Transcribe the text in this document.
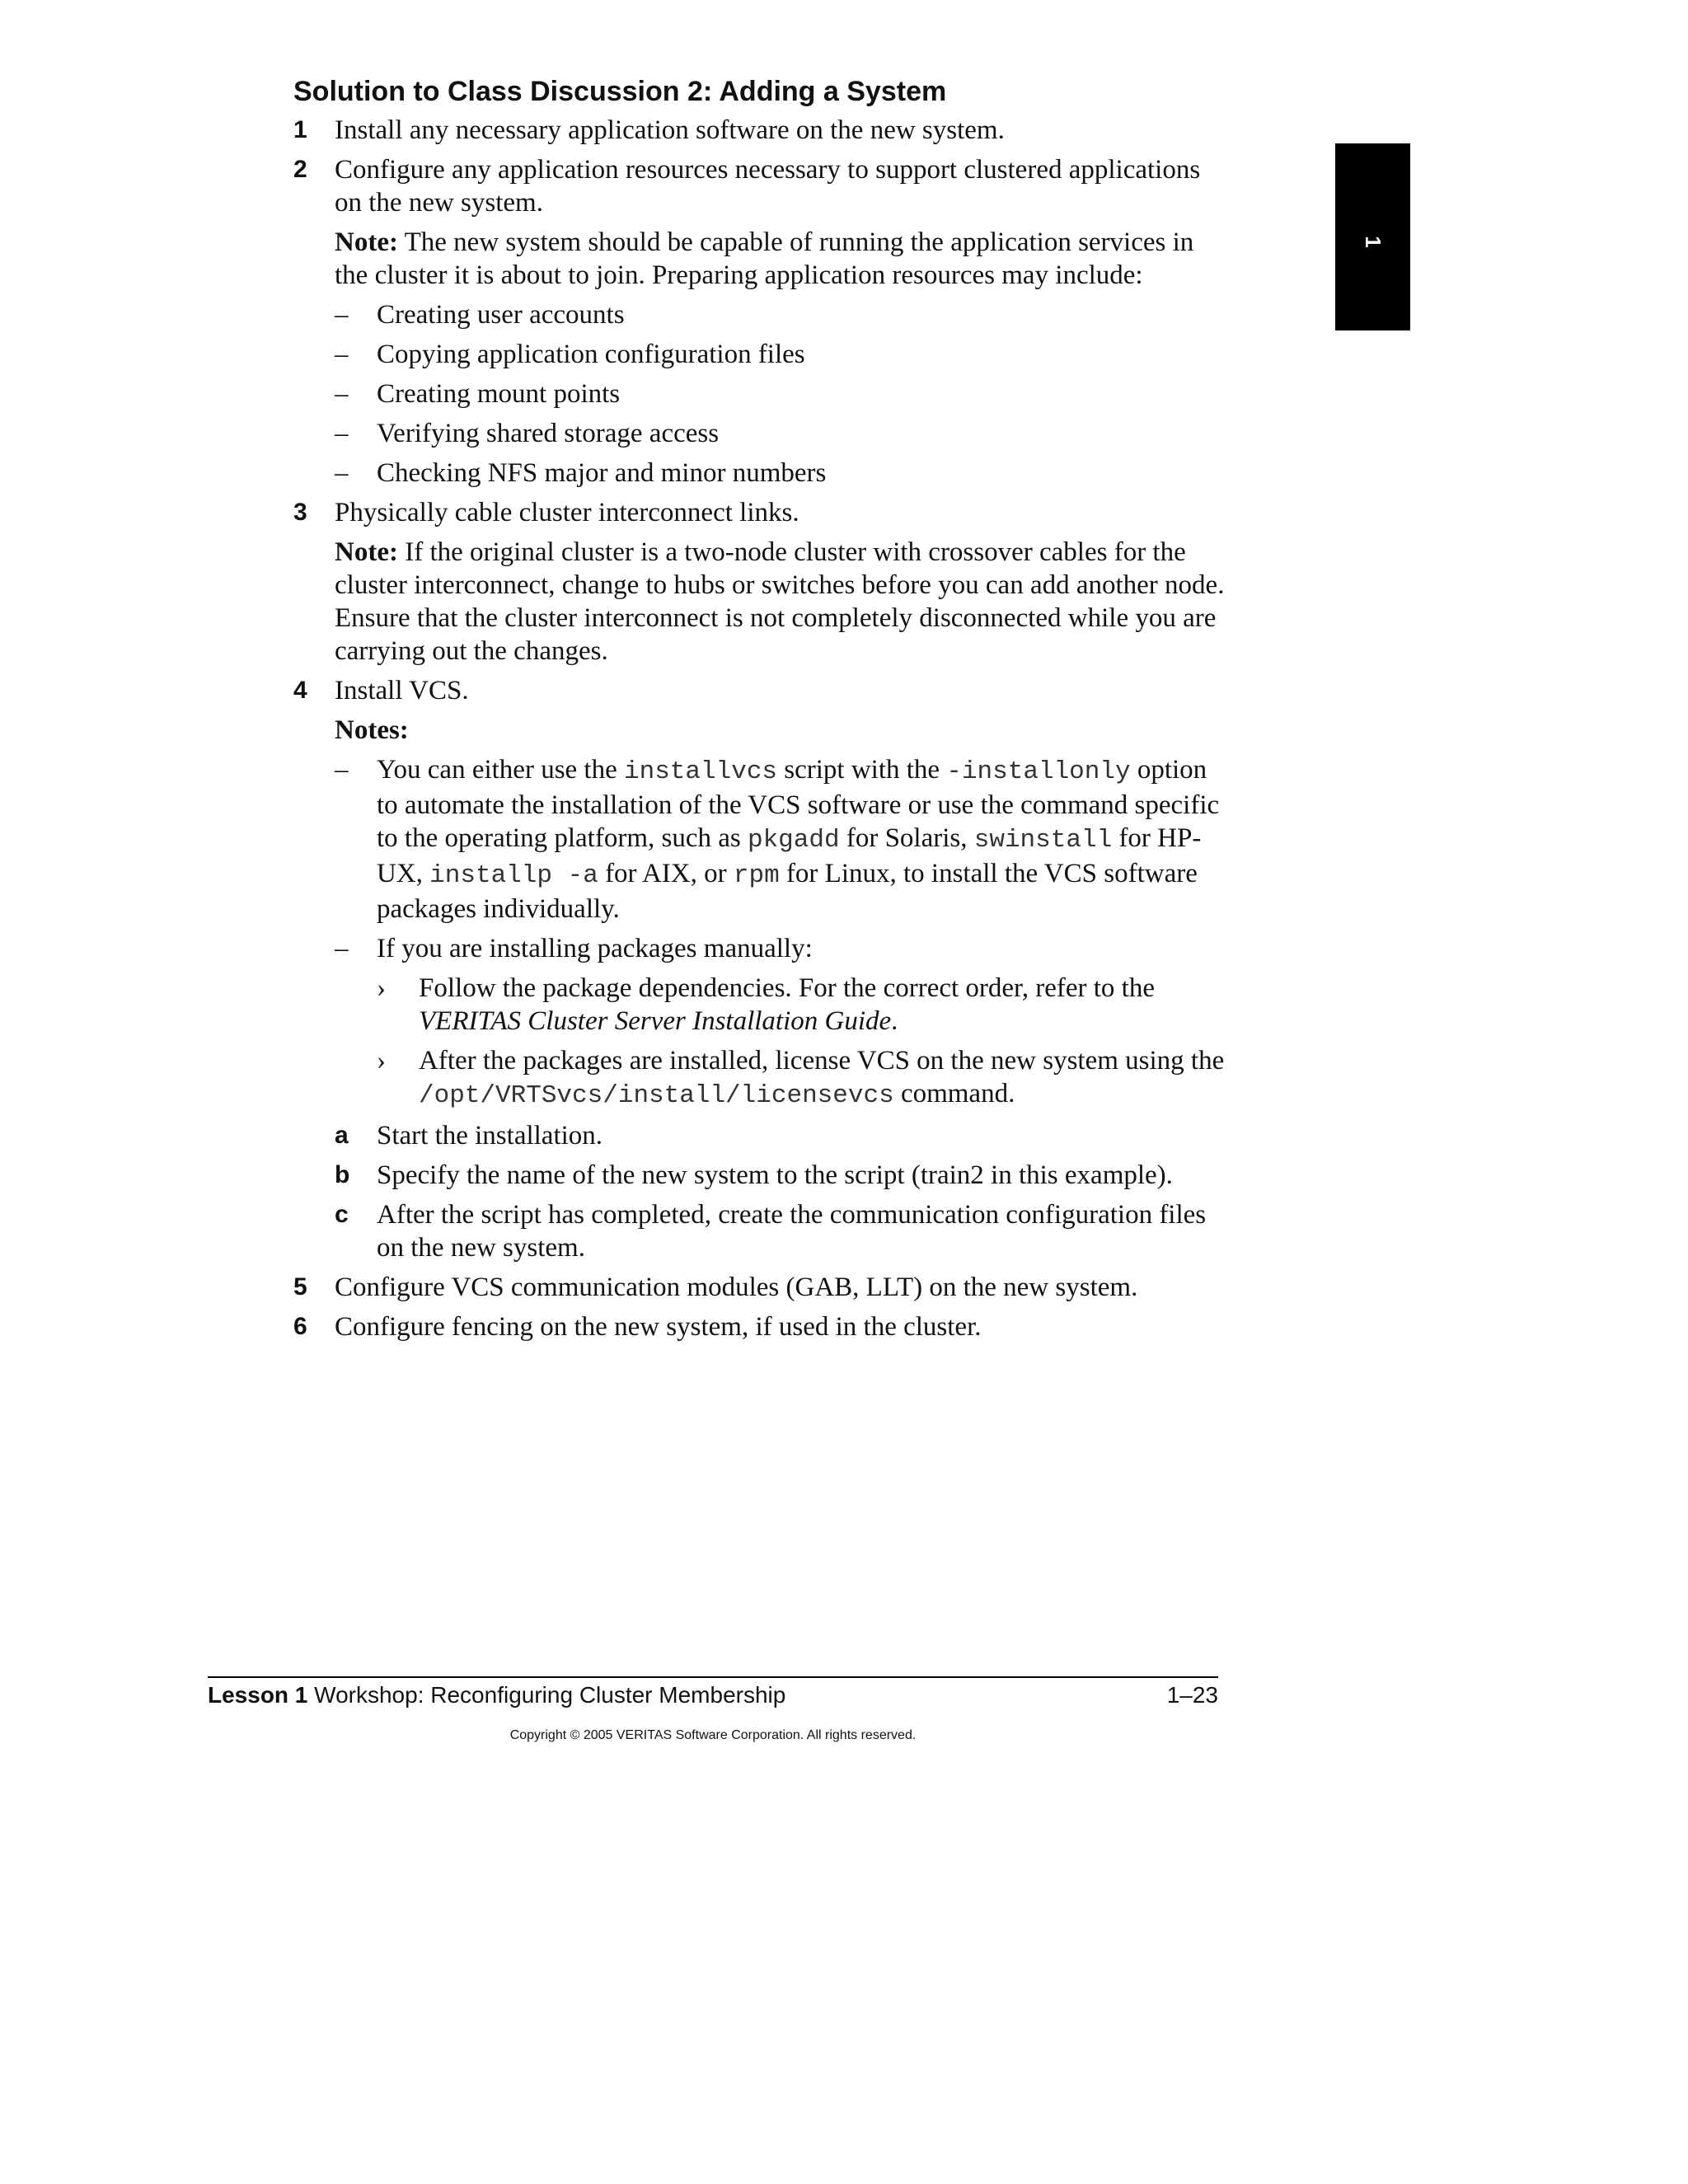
Solution to Class Discussion 2: Adding a System
1
1 Install any necessary application software on the new system.
2 Configure any application resources necessary to support clustered applications on the new system.
Note: The new system should be capable of running the application services in the cluster it is about to join. Preparing application resources may include:
– Creating user accounts
– Copying application configuration files
– Creating mount points
– Verifying shared storage access
– Checking NFS major and minor numbers
3 Physically cable cluster interconnect links.
Note: If the original cluster is a two-node cluster with crossover cables for the cluster interconnect, change to hubs or switches before you can add another node. Ensure that the cluster interconnect is not completely disconnected while you are carrying out the changes.
4 Install VCS.
Notes:
– You can either use the installvcs script with the -installonly option to automate the installation of the VCS software or use the command specific to the operating platform, such as pkgadd for Solaris, swinstall for HP-UX, installp -a for AIX, or rpm for Linux, to install the VCS software packages individually.
– If you are installing packages manually:
› Follow the package dependencies. For the correct order, refer to the VERITAS Cluster Server Installation Guide.
› After the packages are installed, license VCS on the new system using the /opt/VRTSvcs/install/licensevcs command.
a Start the installation.
b Specify the name of the new system to the script (train2 in this example).
c After the script has completed, create the communication configuration files on the new system.
5 Configure VCS communication modules (GAB, LLT) on the new system.
6 Configure fencing on the new system, if used in the cluster.
Lesson 1 Workshop: Reconfiguring Cluster Membership	1–23
Copyright © 2005 VERITAS Software Corporation. All rights reserved.
